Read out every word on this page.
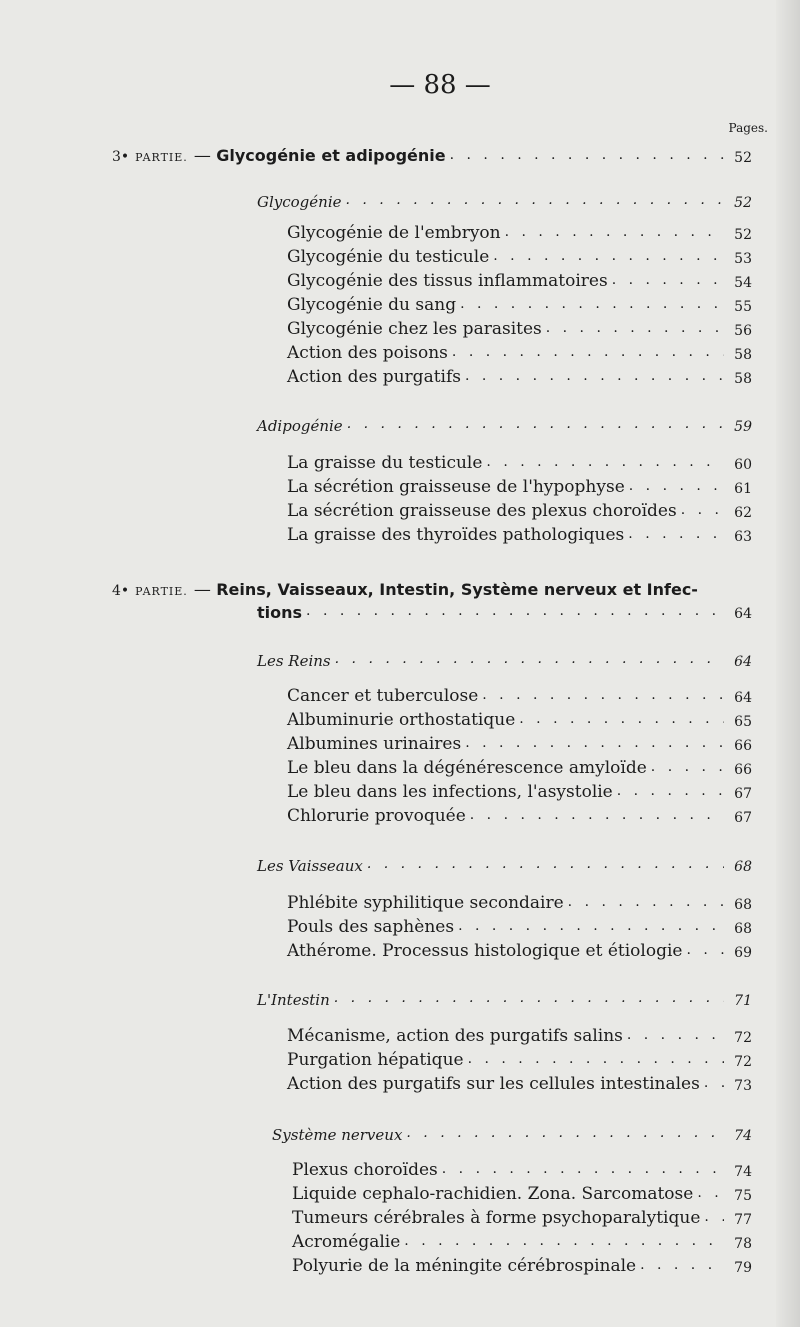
— 88 —
Pages.
3• PARTIE. — Glycogénie et adipogénie . . .	52
Glycogénie . . .	52
Glycogénie de l'embryon . . .	52
Glycogénie du testicule . . .	53
Glycogénie des tissus inflammatoires . . .	54
Glycogénie du sang . . .	55
Glycogénie chez les parasites . . .	56
Action des poisons . . .	58
Action des purgatifs . . .	58
Adipogénie . . .	59
La graisse du testicule . . .	60
La sécrétion graisseuse de l'hypophyse . . .	61
La sécrétion graisseuse des plexus choroïdes . . .	62
La graisse des thyroïdes pathologiques . . .	63
4• PARTIE. — Reins, Vaisseaux, Intestin, Système nerveux et Infec-
tions . . .	64
Les Reins . . .	64
Cancer et tuberculose . . .	64
Albuminurie orthostatique . . .	65
Albumines urinaires . . .	66
Le bleu dans la dégénérescence amyloïde . . .	66
Le bleu dans les infections, l'asystolie . . .	67
Chlorurie provoquée . . .	67
Les Vaisseaux . . .	68
Phlébite syphilitique secondaire . . .	68
Pouls des saphènes . . .	68
Athérome. Processus histologique et étiologie . . .	69
L'Intestin . . .	71
Mécanisme, action des purgatifs salins . . .	72
Purgation hépatique . . .	72
Action des purgatifs sur les cellules intestinales . . .	73
Système nerveux . . .	74
Plexus choroïdes . . .	74
Liquide cephalo-rachidien. Zona. Sarcomatose . . .	75
Tumeurs cérébrales à forme psychoparalytique . . .	77
Acromégalie . . .	78
Polyurie de la méningite cérébrospinale . . .	79
